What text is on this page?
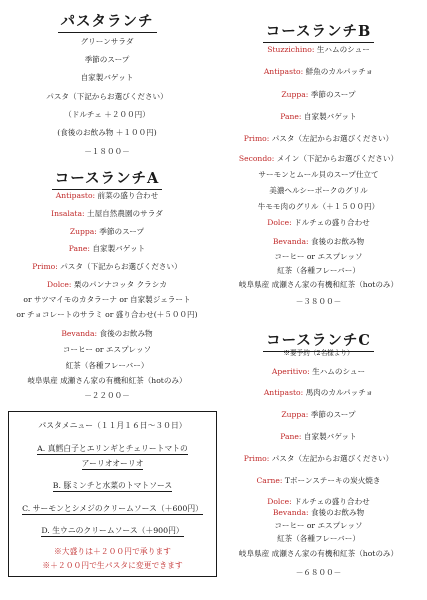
パスタランチ
グリーンサラダ
季節のスープ
自家製バゲット
パスタ（下記からお選びください）
（ドルチェ ＋２００円）
(食後のお飲み物 ＋１００円)
－１８００－
コースランチA
Antipasto: 前菜の盛り合わせ
Insalata: 土屋自然農園のサラダ
Zuppa: 季節のスープ
Pane: 自家製バゲット
Primo: パスタ（下記からお選びください）
Dolce: 栗のパンナコッタ クラシカ
or サツマイモのカタラーナ or 自家製ジェラート
or チョコレートのサラミ or 盛り合わせ(＋５００円)
Bevanda: 食後のお飲み物
コーヒー or エスプレッソ
紅茶（各種フレーバー）
岐阜県産 成瀬さん家の有機和紅茶（hotのみ）
－２２００－
パスタメニュー（１１月１６日～３０日）
A. 真鱈白子とエリンギとチェリートマトの
アーリオオーリオ
B. 豚ミンチと水菜のトマトソース
C. サーモンとシメジのクリームソース（＋600円）
D. 生ウニのクリームソース（＋900円）
※大盛りは＋２００円で承ります
※＋２００円で生パスタに変更できます
コースランチB
Stuzzichino: 生ハムのシュー
Antipasto: 鮮魚のカルパッチョ
Zuppa: 季節のスープ
Pane: 自家製バゲット
Primo: パスタ（左記からお選びください）
Secondo: メイン（下記からお選びください）
サーモンとムール貝のスープ仕立て
美濃ヘルシーポークのグリル
牛モモ肉のグリル（＋１５００円）
Dolce: ドルチェの盛り合わせ
Bevanda: 食後のお飲み物
コーヒー or エスプレッソ
紅茶（各種フレーバー）
岐阜県産 成瀬さん家の有機和紅茶（hotのみ）
－３８００－
コースランチC
※要予約（2名様より）
Aperitivo: 生ハムのシュー
Antipasto: 馬肉のカルパッチョ
Zuppa: 季節のスープ
Pane: 自家製バゲット
Primo: パスタ（左記からお選びください）
Carne: Tボーンステーキの炭火焼き
Dolce: ドルチェの盛り合わせ
Bevanda: 食後のお飲み物
コーヒー or エスプレッソ
紅茶（各種フレーバー）
岐阜県産 成瀬さん家の有機和紅茶（hotのみ）
－６８００－
